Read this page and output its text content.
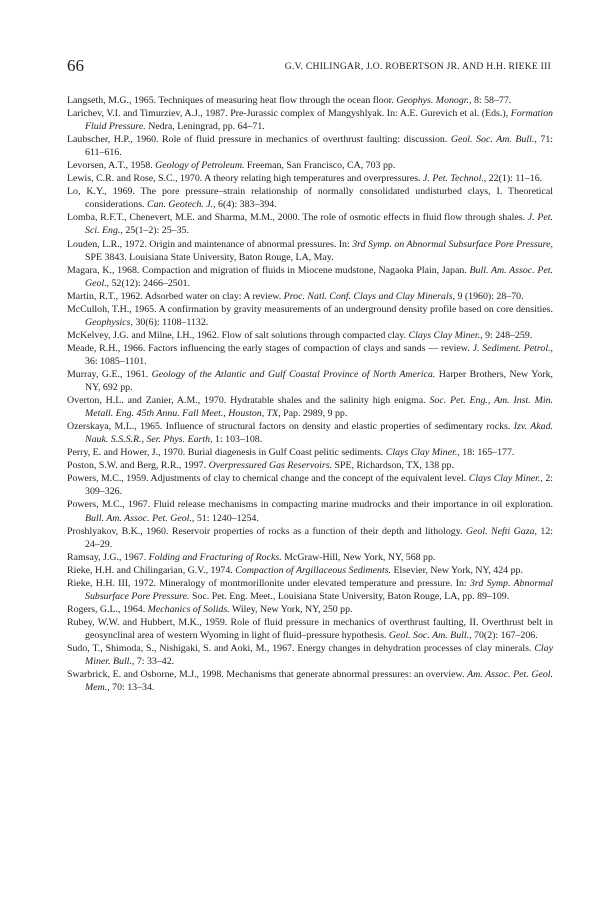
66	G.V. CHILINGAR, J.O. ROBERTSON JR. AND H.H. RIEKE III
Langseth, M.G., 1965. Techniques of measuring heat flow through the ocean floor. Geophys. Monogr., 8: 58–77.
Larichev, V.I. and Timurziev, A.J., 1987. Pre-Jurassic complex of Mangyshlyak. In: A.E. Gurevich et al. (Eds.), Formation Fluid Pressure. Nedra, Leningrad, pp. 64–71.
Laubscher, H.P., 1960. Role of fluid pressure in mechanics of overthrust faulting: discussion. Geol. Soc. Am. Bull., 71: 611–616.
Levorsen, A.T., 1958. Geology of Petroleum. Freeman, San Francisco, CA, 703 pp.
Lewis, C.R. and Rose, S.C., 1970. A theory relating high temperatures and overpressures. J. Pet. Technol., 22(1): 11–16.
Lo, K.Y., 1969. The pore pressure–strain relationship of normally consolidated undisturbed clays, I. Theoretical considerations. Can. Geotech. J., 6(4): 383–394.
Lomba, R.F.T., Chenevert, M.E. and Sharma, M.M., 2000. The role of osmotic effects in fluid flow through shales. J. Pet. Sci. Eng., 25(1–2): 25–35.
Louden, L.R., 1972. Origin and maintenance of abnormal pressures. In: 3rd Symp. on Abnormal Subsurface Pore Pressure, SPE 3843. Louisiana State University, Baton Rouge, LA, May.
Magara, K., 1968. Compaction and migration of fluids in Miocene mudstone, Nagaoka Plain, Japan. Bull. Am. Assoc. Pet. Geol., 52(12): 2466–2501.
Martin, R.T., 1962. Adsorbed water on clay: A review. Proc. Natl. Conf. Clays and Clay Minerals, 9 (1960): 28–70.
McCulloh, T.H., 1965. A confirmation by gravity measurements of an underground density profile based on core densities. Geophysics, 30(6): 1108–1132.
McKelvey, J.G. and Milne, I.H., 1962. Flow of salt solutions through compacted clay. Clays Clay Miner., 9: 248–259.
Meade, R.H., 1966. Factors influencing the early stages of compaction of clays and sands — review. J. Sediment. Petrol., 36: 1085–1101.
Murray, G.E., 1961. Geology of the Atlantic and Gulf Coastal Province of North America. Harper Brothers, New York, NY, 692 pp.
Overton, H.L. and Zanier, A.M., 1970. Hydratable shales and the salinity high enigma. Soc. Pet. Eng., Am. Inst. Min. Metall. Eng. 45th Annu. Fall Meet., Houston, TX, Pap. 2989, 9 pp.
Ozerskaya, M.L., 1965. Influence of structural factors on density and elastic properties of sedimentary rocks. Izv. Akad. Nauk. S.S.S.R., Ser. Phys. Earth, 1: 103–108.
Perry, E. and Hower, J., 1970. Burial diagenesis in Gulf Coast pelitic sediments. Clays Clay Miner., 18: 165–177.
Poston, S.W. and Berg, R.R., 1997. Overpressured Gas Reservoirs. SPE, Richardson, TX, 138 pp.
Powers, M.C., 1959. Adjustments of clay to chemical change and the concept of the equivalent level. Clays Clay Miner., 2: 309–326.
Powers, M.C., 1967. Fluid release mechanisms in compacting marine mudrocks and their importance in oil exploration. Bull. Am. Assoc. Pet. Geol., 51: 1240–1254.
Proshlyakov, B.K., 1960. Reservoir properties of rocks as a function of their depth and lithology. Geol. Nefti Gaza, 12: 24–29.
Ramsay, J.G., 1967. Folding and Fracturing of Rocks. McGraw-Hill, New York, NY, 568 pp.
Rieke, H.H. and Chilingarian, G.V., 1974. Compaction of Argillaceous Sediments. Elsevier, New York, NY, 424 pp.
Rieke, H.H. III, 1972. Mineralogy of montmorillonite under elevated temperature and pressure. In: 3rd Symp. Abnormal Subsurface Pore Pressure. Soc. Pet. Eng. Meet., Louisiana State University, Baton Rouge, LA, pp. 89–109.
Rogers, G.L., 1964. Mechanics of Solids. Wiley, New York, NY, 250 pp.
Rubey, W.W. and Hubbert, M.K., 1959. Role of fluid pressure in mechanics of overthrust faulting, II. Overthrust belt in geosynclinal area of western Wyoming in light of fluid–pressure hypothesis. Geol. Soc. Am. Bull., 70(2): 167–206.
Sudo, T., Shimoda, S., Nishigaki, S. and Aoki, M., 1967. Energy changes in dehydration processes of clay minerals. Clay Miner. Bull., 7: 33–42.
Swarbrick, E. and Osborne, M.J., 1998. Mechanisms that generate abnormal pressures: an overview. Am. Assoc. Pet. Geol. Mem., 70: 13–34.
